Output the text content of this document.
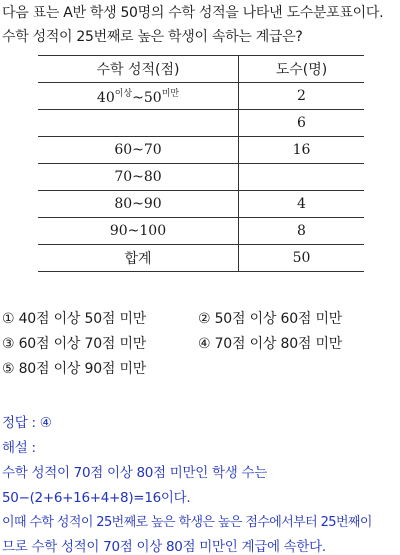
다음 표는 A반 학생 50명의 수학 성적을 나타낸 도수분포표이다.
수학 성적이 25번째로 높은 학생이 속하는 계급은?
수학 성적(점)	도수(명)
$40^{이상}\sim 50^{미만}$	2
	6
60~70	16
70~80	
80~90	4
90~100	8
합계	50
① 40점 이상 50점 미만	② 50점 이상 60점 미만
③ 60점 이상 70점 미만	④ 70점 이상 80점 미만
⑤ 80점 이상 90점 미만
정답 : ④
해설 :
수학 성적이 70점 이상 80점 미만인 학생 수는
50−(2+6+16+4+8)=16이다.
이때 수학 성적이 25번째로 높은 학생은 높은 점수에서부터 25번째이
므로 수학 성적이 70점 이상 80점 미만인 계급에 속한다.
